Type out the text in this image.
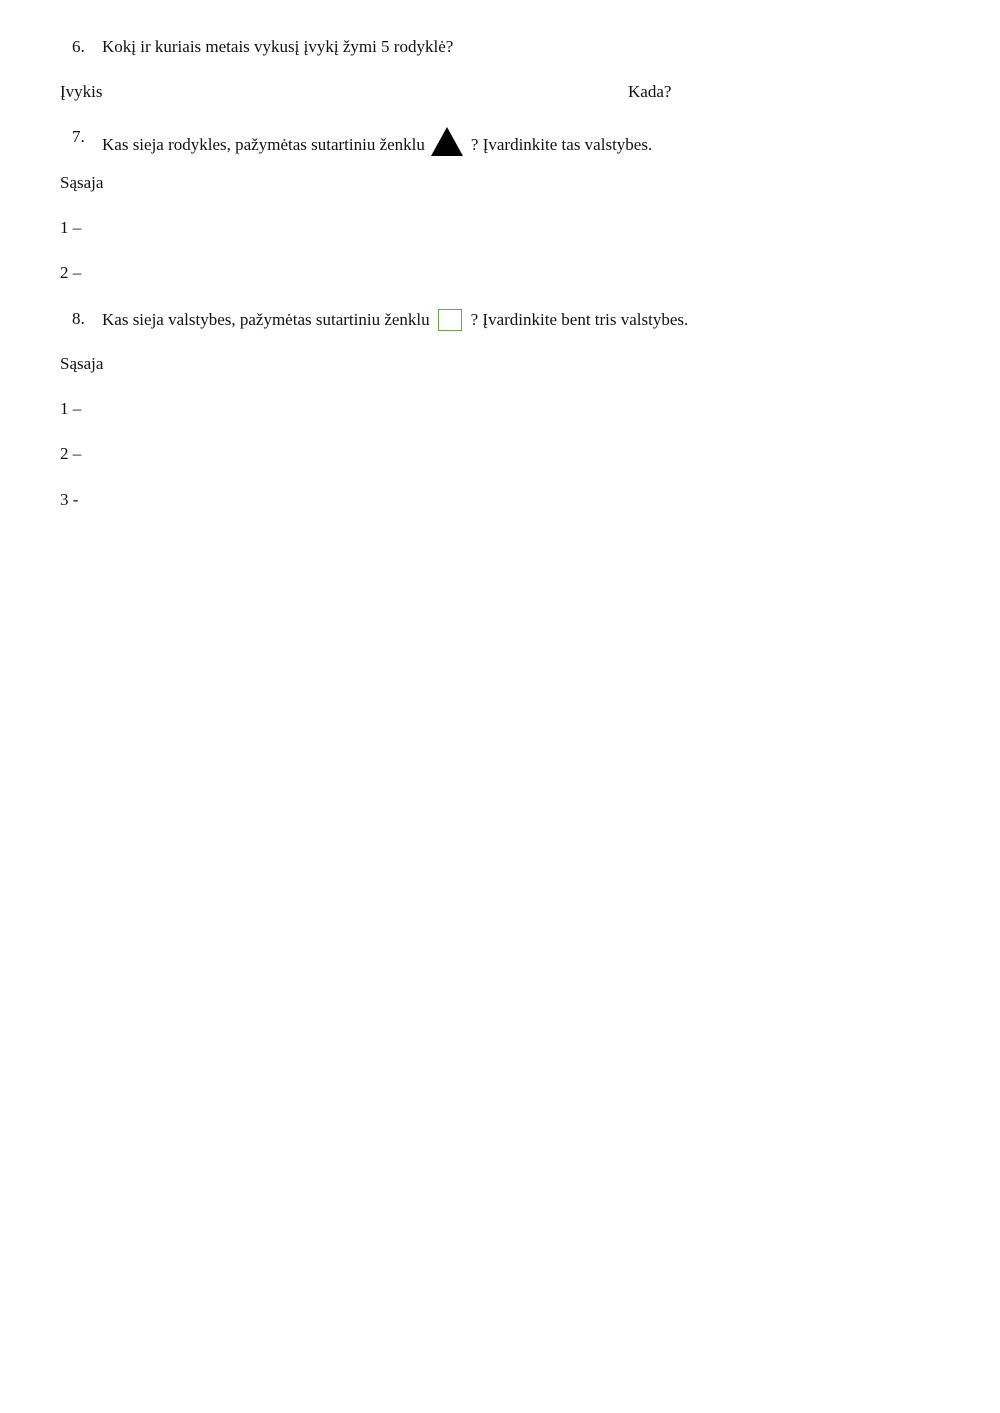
6. Kokį ir kuriais metais vykusį įvykį žymi 5 rodyklė?
Įvykis	Kada?
7. Kas sieja rodykles, pažymėtas sutartiniu ženklu	? Įvardinkite tas valstybes.
Sąsaja
1 –
2 –
8. Kas sieja valstybes, pažymėtas sutartiniu ženklu ? Įvardinkite bent tris valstybes.
Sąsaja
1 –
2 –
3 -
